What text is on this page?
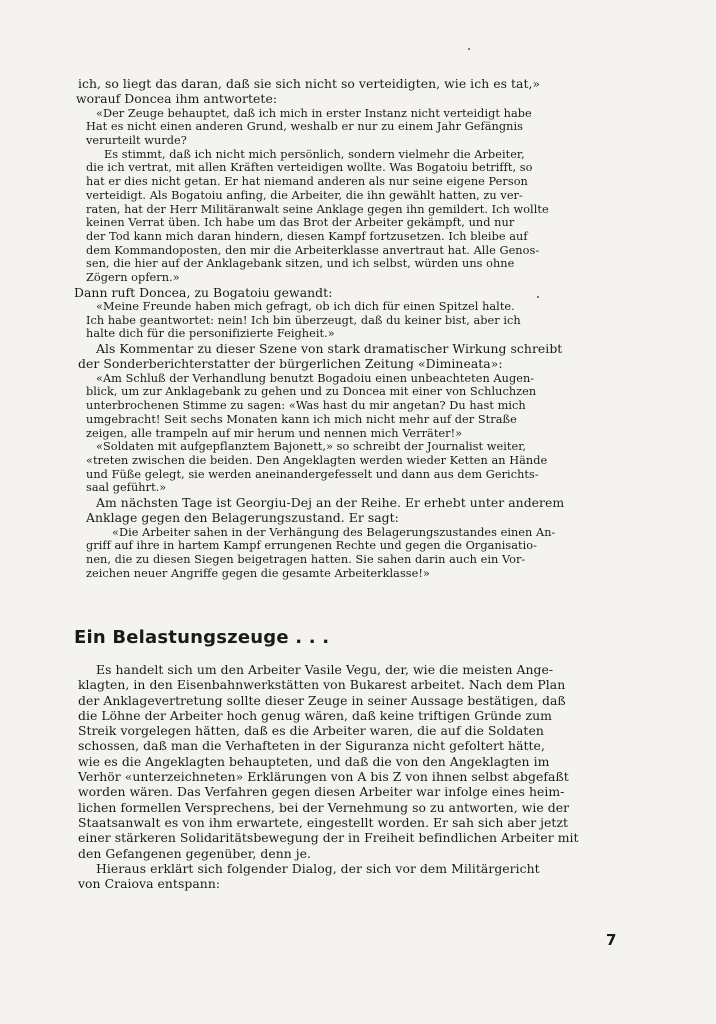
ich, so liegt das daran, daß sie sich nicht so verteidigten, wie ich es tat,»
worauf Doncea ihm antwortete:
«Der Zeuge behauptet, daß ich mich in erster Instanz nicht verteidigt habe
Hat es nicht einen anderen Grund, weshalb er nur zu einem Jahr Gefängnis
verurteilt wurde?
Es stimmt, daß ich nicht mich persönlich, sondern vielmehr die Arbeiter,
die ich vertrat, mit allen Kräften verteidigen wollte. Was Bogatoiu betrifft, so
hat er dies nicht getan. Er hat niemand anderen als nur seine eigene Person
verteidigt. Als Bogatoiu anfing, die Arbeiter, die ihn gewählt hatten, zu ver-
raten, hat der Herr Militäranwalt seine Anklage gegen ihn gemildert. Ich wollte
keinen Verrat üben. Ich habe um das Brot der Arbeiter gekämpft, und nur
der Tod kann mich daran hindern, diesen Kampf fortzusetzen. Ich bleibe auf
dem Kommandoposten, den mir die Arbeiterklasse anvertraut hat. Alle Genos-
sen, die hier auf der Anklagebank sitzen, und ich selbst, würden uns ohne
Zögern opfern.»
Dann ruft Doncea, zu Bogatoiu gewandt:
«Meine Freunde haben mich gefragt, ob ich dich für einen Spitzel halte.
Ich habe geantwortet: nein! Ich bin überzeugt, daß du keiner bist, aber ich
halte dich für die personifizierte Feigheit.»
Als Kommentar zu dieser Szene von stark dramatischer Wirkung schreibt
der Sonderberichterstatter der bürgerlichen Zeitung «Dimineata»:
«Am Schluß der Verhandlung benutzt Bogadoiu einen unbeachteten Augen-
blick, um zur Anklagebank zu gehen und zu Doncea mit einer von Schluchzen
unterbrochenen Stimme zu sagen: «Was hast du mir angetan? Du hast mich
umgebracht! Seit sechs Monaten kann ich mich nicht mehr auf der Straße
zeigen, alle trampeln auf mir herum und nennen mich Verräter!»
«Soldaten mit aufgepflanztem Bajonett,» so schreibt der Journalist weiter,
«treten zwischen die beiden. Den Angeklagten werden wieder Ketten an Hände
und Füße gelegt, sie werden aneinandergefesselt und dann aus dem Gerichts-
saal geführt.»
Am nächsten Tage ist Georgiu-Dej an der Reihe. Er erhebt unter anderem
Anklage gegen den Belagerungszustand. Er sagt:
«Die Arbeiter sahen in der Verhängung des Belagerungszustandes einen An-
griff auf ihre in hartem Kampf errungenen Rechte und gegen die Organisatio-
nen, die zu diesen Siegen beigetragen hatten. Sie sahen darin auch ein Vor-
zeichen neuer Angriffe gegen die gesamte Arbeiterklasse!»
Ein Belastungszeuge . . .
Es handelt sich um den Arbeiter Vasile Vegu, der, wie die meisten Ange-
klagten, in den Eisenbahnwerkstätten von Bukarest arbeitet. Nach dem Plan
der Anklagevertretung sollte dieser Zeuge in seiner Aussage bestätigen, daß
die Löhne der Arbeiter hoch genug wären, daß keine triftigen Gründe zum
Streik vorgelegen hätten, daß es die Arbeiter waren, die auf die Soldaten
schossen, daß man die Verhafteten in der Siguranza nicht gefoltert hätte,
wie es die Angeklagten behaupteten, und daß die von den Angeklagten im
Verhör «unterzeichneten» Erklärungen von A bis Z von ihnen selbst abgefaßt
worden wären. Das Verfahren gegen diesen Arbeiter war infolge eines heim-
lichen formellen Versprechens, bei der Vernehmung so zu antworten, wie der
Staatsanwalt es von ihm erwartete, eingestellt worden. Er sah sich aber jetzt
einer stärkeren Solidaritätsbewegung der in Freiheit befindlichen Arbeiter mit
den Gefangenen gegenüber, denn je.
Hieraus erklärt sich folgender Dialog, der sich vor dem Militärgericht
von Craiova entspann:
7
